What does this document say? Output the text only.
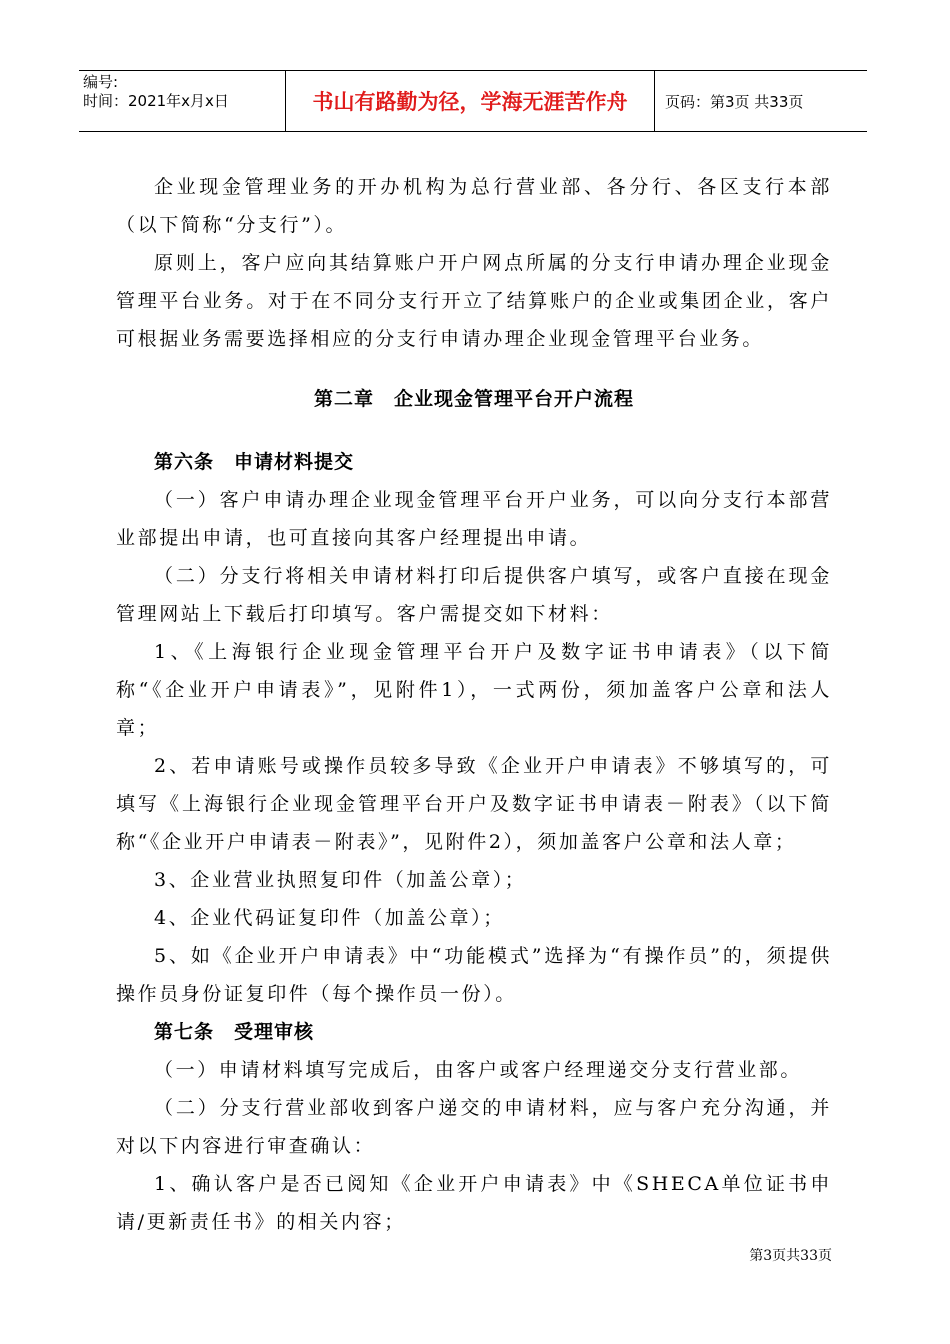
编号:
时间：2021年x月x日	书山有路勤为径，学海无涯苦作舟	页码：第3页 共33页

企业现金管理业务的开办机构为总行营业部、各分行、各区支行本部（以下简称“分支行”）。

原则上，客户应向其结算账户开户网点所属的分支行申请办理企业现金管理平台业务。对于在不同分支行开立了结算账户的企业或集团企业，客户可根据业务需要选择相应的分支行申请办理企业现金管理平台业务。

第二章　企业现金管理平台开户流程
第六条　申请材料提交

（一）客户申请办理企业现金管理平台开户业务，可以向分支行本部营业部提出申请，也可直接向其客户经理提出申请。

（二）分支行将相关申请材料打印后提供客户填写，或客户直接在现金管理网站上下载后打印填写。客户需提交如下材料：

1、《上海银行企业现金管理平台开户及数字证书申请表》（以下简称“《企业开户申请表》”，见附件1），一式两份，须加盖客户公章和法人章；

2、若申请账号或操作员较多导致《企业开户申请表》不够填写的，可填写《上海银行企业现金管理平台开户及数字证书申请表－附表》（以下简称“《企业开户申请表－附表》”，见附件2），须加盖客户公章和法人章；

3、企业营业执照复印件（加盖公章）；

4、企业代码证复印件（加盖公章）；

5、如《企业开户申请表》中“功能模式”选择为“有操作员”的，须提供操作员身份证复印件（每个操作员一份）。

第七条　受理审核

（一）申请材料填写完成后，由客户或客户经理递交分支行营业部。

（二）分支行营业部收到客户递交的申请材料，应与客户充分沟通，并对以下内容进行审查确认：

1、确认客户是否已阅知《企业开户申请表》中《SHECA单位证书申请/更新责任书》的相关内容；

第3页共33页
